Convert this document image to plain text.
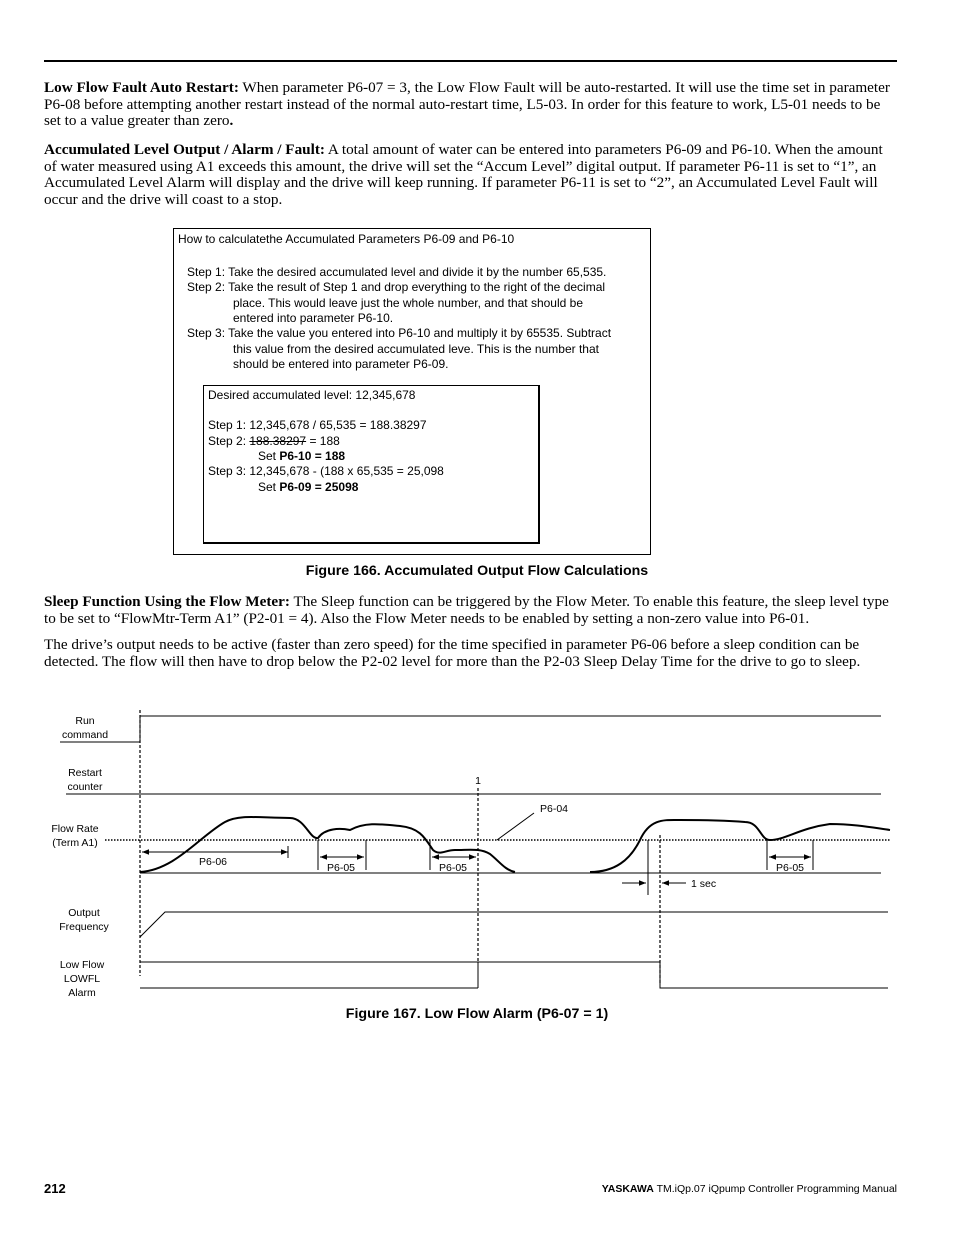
Low Flow Fault Auto Restart: When parameter P6-07 = 3, the Low Flow Fault will be auto-restarted. It will use the time set in parameter P6-08 before attempting another restart instead of the normal auto-restart time, L5-03. In order for this feature to work, L5-01 needs to be set to a value greater than zero.

Accumulated Level Output / Alarm / Fault: A total amount of water can be entered into parameters P6-09 and P6-10. When the amount of water measured using A1 exceeds this amount, the drive will set the “Accum Level” digital output. If parameter P6-11 is set to “1”, an Accumulated Level Alarm will display and the drive will keep running. If parameter P6-11 is set to “2”, an Accumulated Level Fault will occur and the drive will coast to a stop.

How to calculatethe Accumulated Parameters P6-09 and P6-10
Step 1: Take the desired accumulated level and divide it by the number 65,535.
Step 2: Take the result of Step 1 and drop everything to the right of the decimal
place. This would leave just the whole number, and that should be
entered into parameter P6-10.
Step 3: Take the value you entered into P6-10 and multiply it by 65535. Subtract
this value from the desired accumulated leve. This is the number that
should be entered into parameter P6-09.
Desired accumulated level: 12,345,678
Step 1: 12,345,678 / 65,535 = 188.38297
Step 2: 188.38297 = 188
Set P6-10 = 188
Step 3: 12,345,678 - (188 x 65,535 = 25,098
Set P6-09 = 25098

Figure 166. Accumulated Output Flow Calculations

Sleep Function Using the Flow Meter: The Sleep function can be triggered by the Flow Meter. To enable this feature, the sleep level type to be set to “FlowMtr-Term A1” (P2-01 = 4). Also the Flow Meter needs to be enabled by setting a non-zero value into P6-01.

The drive’s output needs to be active (faster than zero speed) for the time specified in parameter P6-06 before a sleep condition can be detected. The flow will then have to drop below the P2-02 level for more than the P2-03 Sleep Delay Time for the drive to go to sleep.

Run
command
Restart
counter
Flow Rate
(Term A1)
Output
Frequency
Low Flow
LOWFL
Alarm
1
P6-04
P6-06	P6-05	P6-05	P6-05
1 sec

Figure 167. Low Flow Alarm (P6-07 = 1)

212	YASKAWA TM.iQp.07 iQpump Controller Programming Manual
